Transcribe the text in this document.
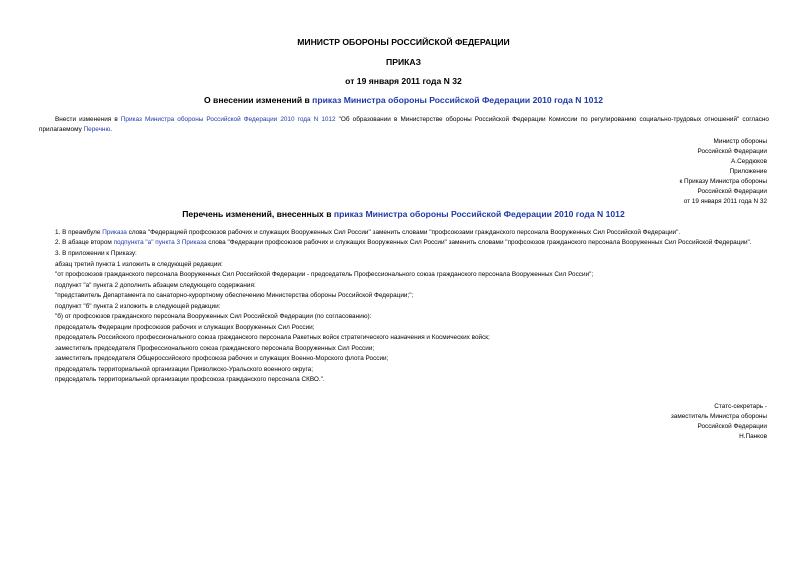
МИНИСТР ОБОРОНЫ РОССИЙСКОЙ ФЕДЕРАЦИИ
ПРИКАЗ
от 19 января 2011 года N 32
О внесении изменений в приказ Министра обороны Российской Федерации 2010 года N 1012

Внести изменения в Приказ Министра обороны Российской Федерации 2010 года N 1012 "Об образовании в Министерстве обороны Российской Федерации Комиссии по регулированию социально-трудовых отношений" согласно прилагаемому Перечню.

Министр обороны
Российской Федерации
А.Сердюков
Приложение
к Приказу Министра обороны
Российской Федерации
от 19 января 2011 года N 32
Перечень изменений, внесенных в приказ Министра обороны Российской Федерации 2010 года N 1012

1. В преамбуле Приказа слова "Федерацией профсоюзов рабочих и служащих Вооруженных Сил России" заменить словами "профсоюзами гражданского персонала Вооруженных Сил Российской Федерации".

2. В абзаце втором подпункта "а" пункта 3 Приказа слова "Федерации профсоюзов рабочих и служащих Вооруженных Сил России" заменить словами "профсоюзов гражданского персонала Вооруженных Сил Российской Федерации".

3. В приложении к Приказу:

абзац третий пункта 1 изложить в следующей редакции:

"от профсоюзов гражданского персонала Вооруженных Сил Российской Федерации - председатель Профессионального союза гражданского персонала Вооруженных Сил России";

подпункт "а" пункта 2 дополнить абзацем следующего содержания:

"представитель Департамента по санаторно-курортному обеспечению Министерства обороны Российской Федерации;";

подпункт "б" пункта 2 изложить в следующей редакции:

"б) от профсоюзов гражданского персонала Вооруженных Сил Российской Федерации (по согласованию):

председатель Федерации профсоюзов рабочих и служащих Вооруженных Сил России;

председатель Российского профессионального союза гражданского персонала Ракетных войск стратегического назначения и Космических войск;

заместитель председателя Профессионального союза гражданского персонала Вооруженных Сил России;

заместитель председателя Общероссийского профсоюза рабочих и служащих Военно-Морского флота России;

председатель территориальной организации Приволжско-Уральского военного округа;

председатель территориальной организации профсоюза гражданского персонала СКВО.".

Статс-секретарь -
заместитель Министра обороны
Российской Федерации
Н.Панков
